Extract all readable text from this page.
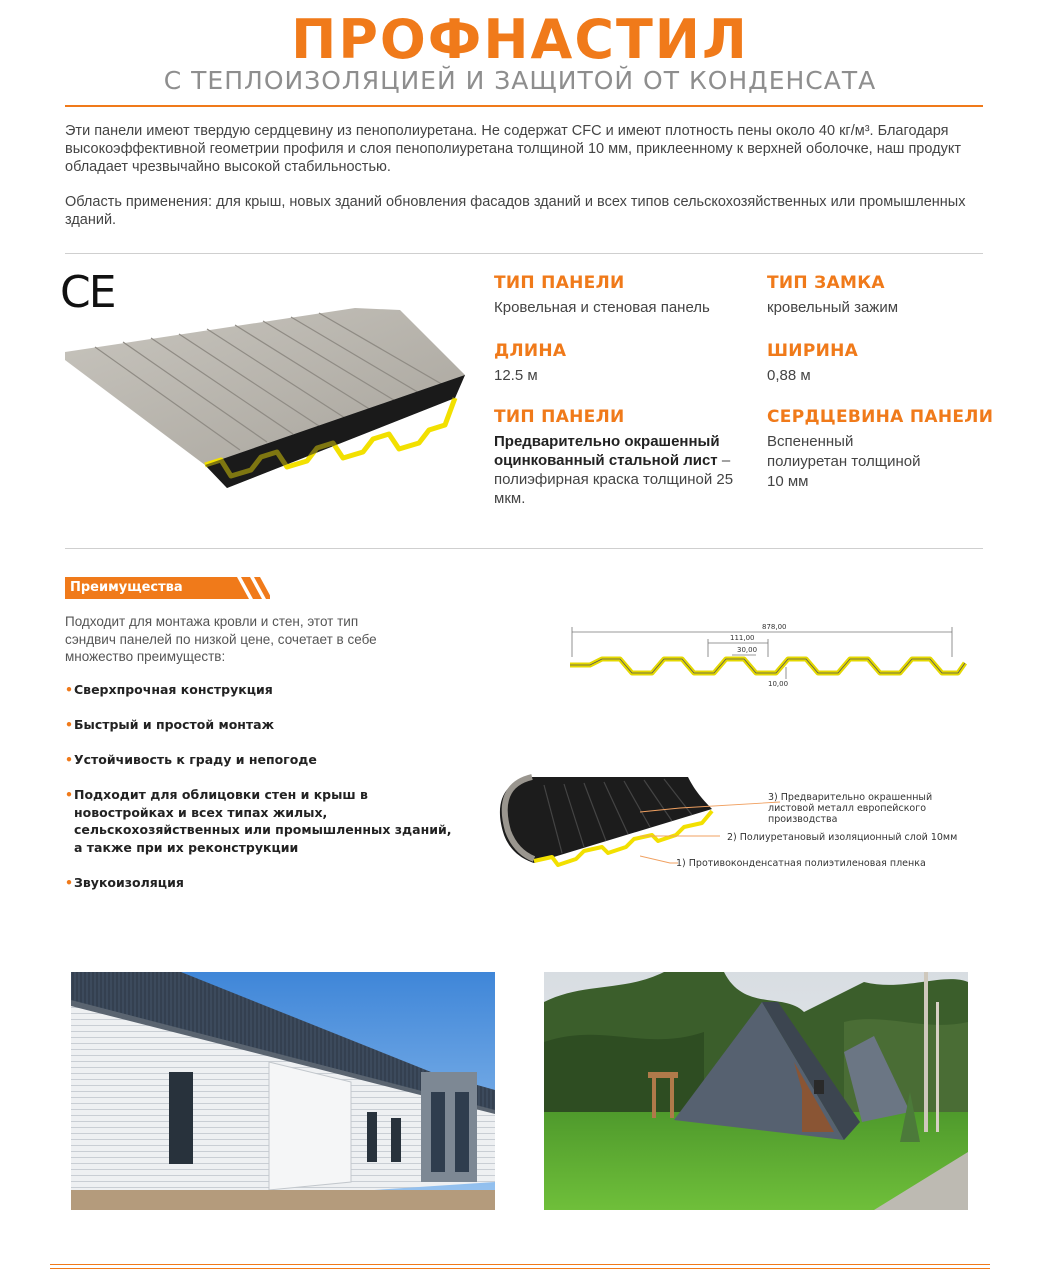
ПРОФНАСТИЛ
С ТЕПЛОИЗОЛЯЦИЕЙ И ЗАЩИТОЙ ОТ КОНДЕНСАТА

Эти панели имеют твердую сердцевину из пенополиуретана. Не содержат CFC и имеют плотность пены около 40 кг/м³. Благодаря высокоэффективной геометрии профиля и слоя пенополиуретана толщиной 10 мм, приклеенному к верхней оболочке, наш продукт обладает чрезвычайно высокой стабильностью.

Область применения: для крыш, новых зданий обновления фасадов зданий и всех типов сельскохозяйственных или промышленных зданий.

CE	ТИП ПАНЕЛИ
Кровельная и стеновая панель
ТИП ЗАМКА
кровельный зажим
ДЛИНА
12.5 м
ШИРИНА
0,88 м
ТИП ПАНЕЛИ
Предварительно окрашенный оцинкованный стальной лист – полиэфирная краска толщиной 25 мкм.
СЕРДЦЕВИНА ПАНЕЛИ
Вспененный полиуретан толщиной 10 мм
Преимущества
Подходит для монтажа кровли и стен, этот тип сэндвич панелей по низкой цене, сочетает в себе множество преимуществ:
• Сверхпрочная конструкция
• Быстрый и простой монтаж
• Устойчивость к граду и непогоде
• Подходит для облицовки стен и крыш в новостройках и всех типах жилых, сельскохозяйственных или промышленных зданий, а также при их реконструкции
• Звукоизоляция
878,00
111,00
30,00
10,00
3) Предварительно окрашенный листовой металл европейского производства
2) Полиуретановый изоляционный слой 10мм
1) Противоконденсатная полиэтиленовая пленка
